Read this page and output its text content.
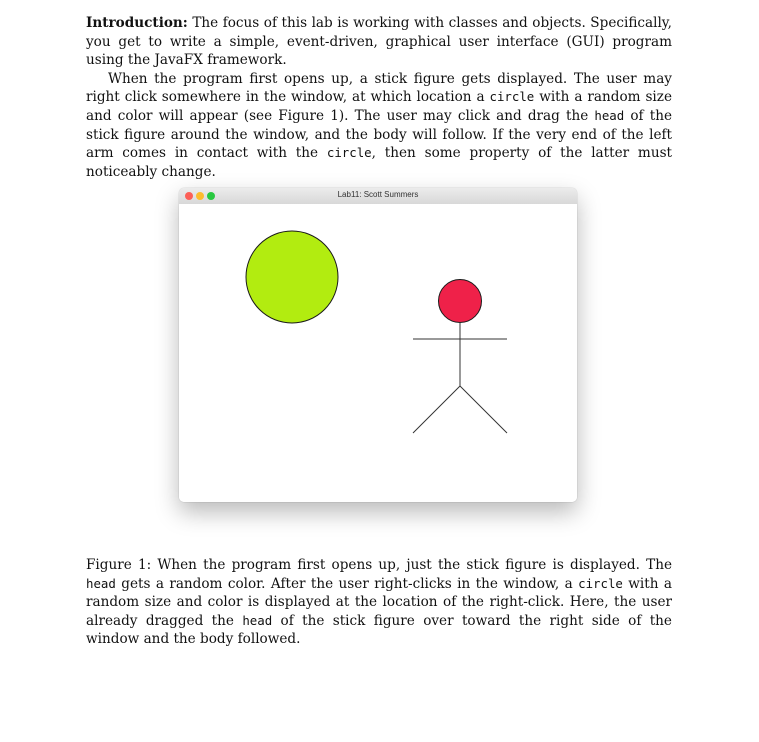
Introduction: The focus of this lab is working with classes and objects. Specifically, you get to write a simple, event-driven, graphical user interface (GUI) program using the JavaFX framework.

When the program first opens up, a stick figure gets displayed. The user may right click somewhere in the window, at which location a circle with a random size and color will appear (see Figure 1). The user may click and drag the head of the stick figure around the window, and the body will follow. If the very end of the left arm comes in contact with the circle, then some property of the latter must noticeably change.

Lab11: Scott Summers

Figure 1: When the program first opens up, just the stick figure is displayed. The head gets a random color. After the user right-clicks in the window, a circle with a random size and color is displayed at the location of the right-click. Here, the user already dragged the head of the stick figure over toward the right side of the window and the body followed.
